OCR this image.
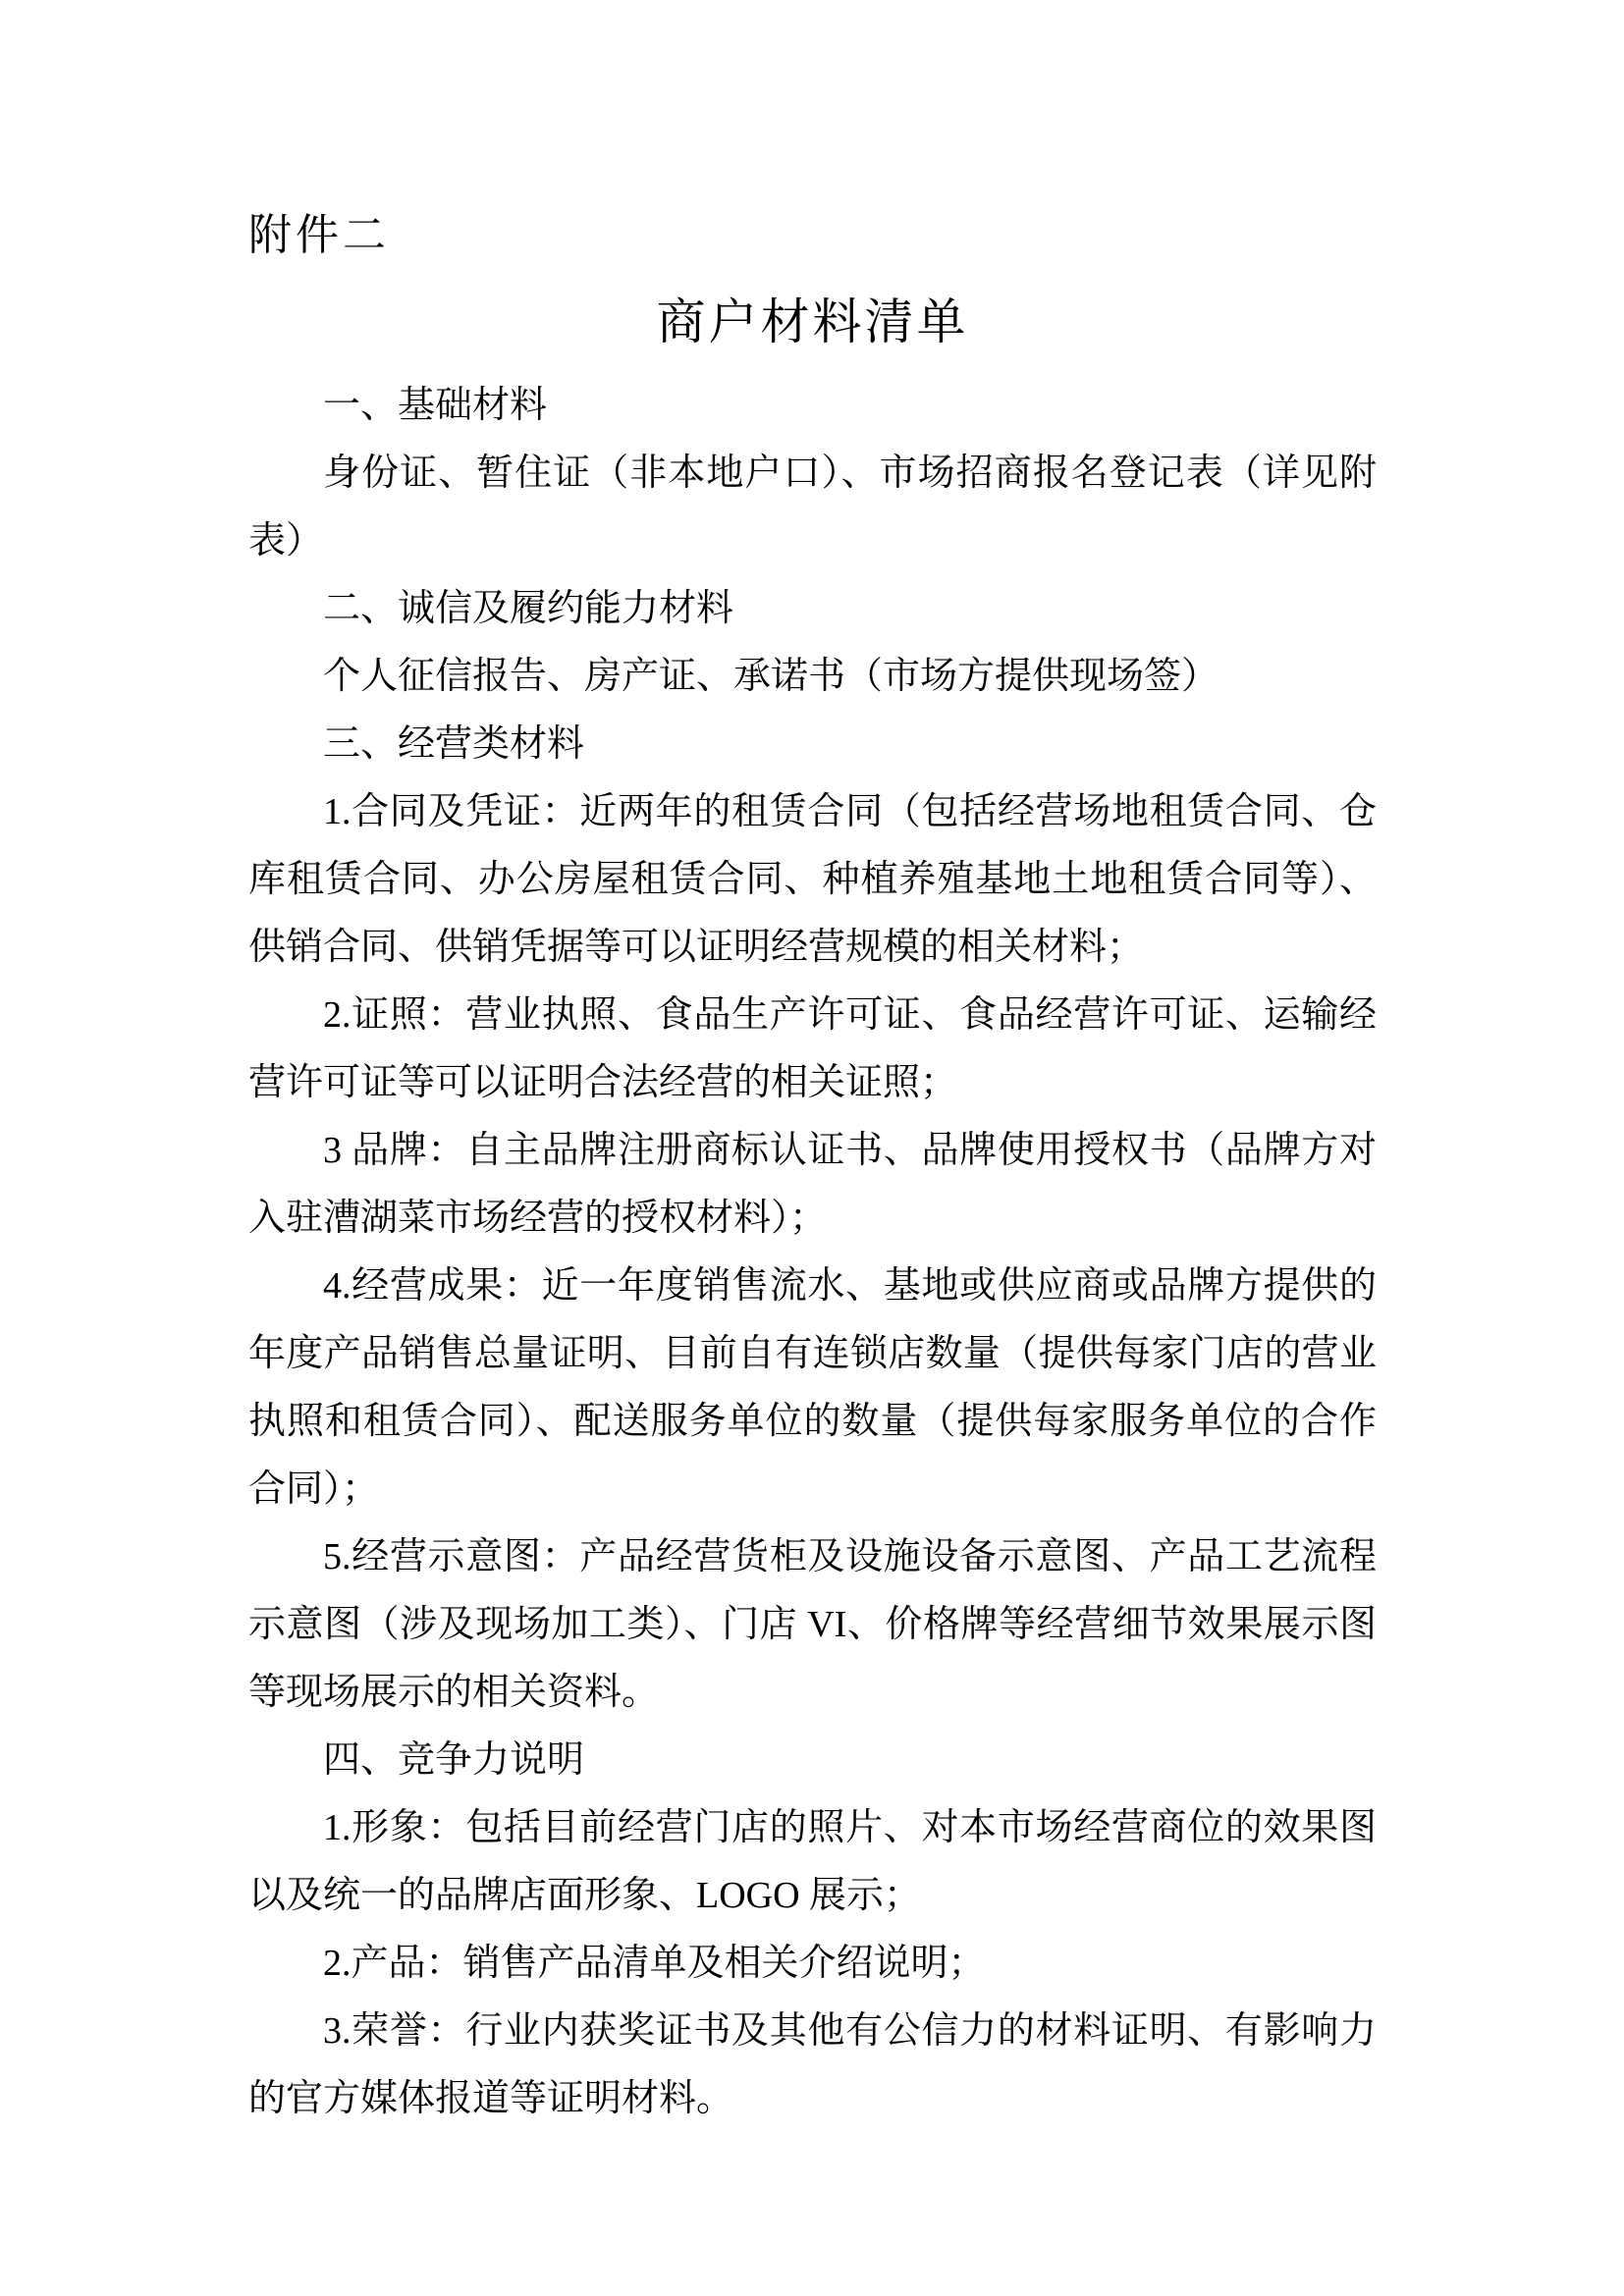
附件二
商户材料清单

一、基础材料

身份证、暂住证（非本地户口）、市场招商报名登记表（详见附表）

二、诚信及履约能力材料

个人征信报告、房产证、承诺书（市场方提供现场签）

三、经营类材料

1.合同及凭证：近两年的租赁合同（包括经营场地租赁合同、仓库租赁合同、办公房屋租赁合同、种植养殖基地土地租赁合同等）、供销合同、供销凭据等可以证明经营规模的相关材料；

2.证照：营业执照、食品生产许可证、食品经营许可证、运输经营许可证等可以证明合法经营的相关证照；

3 品牌：自主品牌注册商标认证书、品牌使用授权书（品牌方对入驻漕湖菜市场经营的授权材料）；

4.经营成果：近一年度销售流水、基地或供应商或品牌方提供的年度产品销售总量证明、目前自有连锁店数量（提供每家门店的营业执照和租赁合同）、配送服务单位的数量（提供每家服务单位的合作合同）；

5.经营示意图：产品经营货柜及设施设备示意图、产品工艺流程示意图（涉及现场加工类）、门店 VI、价格牌等经营细节效果展示图等现场展示的相关资料。

四、竞争力说明

1.形象：包括目前经营门店的照片、对本市场经营商位的效果图以及统一的品牌店面形象、LOGO 展示；

2.产品：销售产品清单及相关介绍说明；

3.荣誉：行业内获奖证书及其他有公信力的材料证明、有影响力的官方媒体报道等证明材料。
